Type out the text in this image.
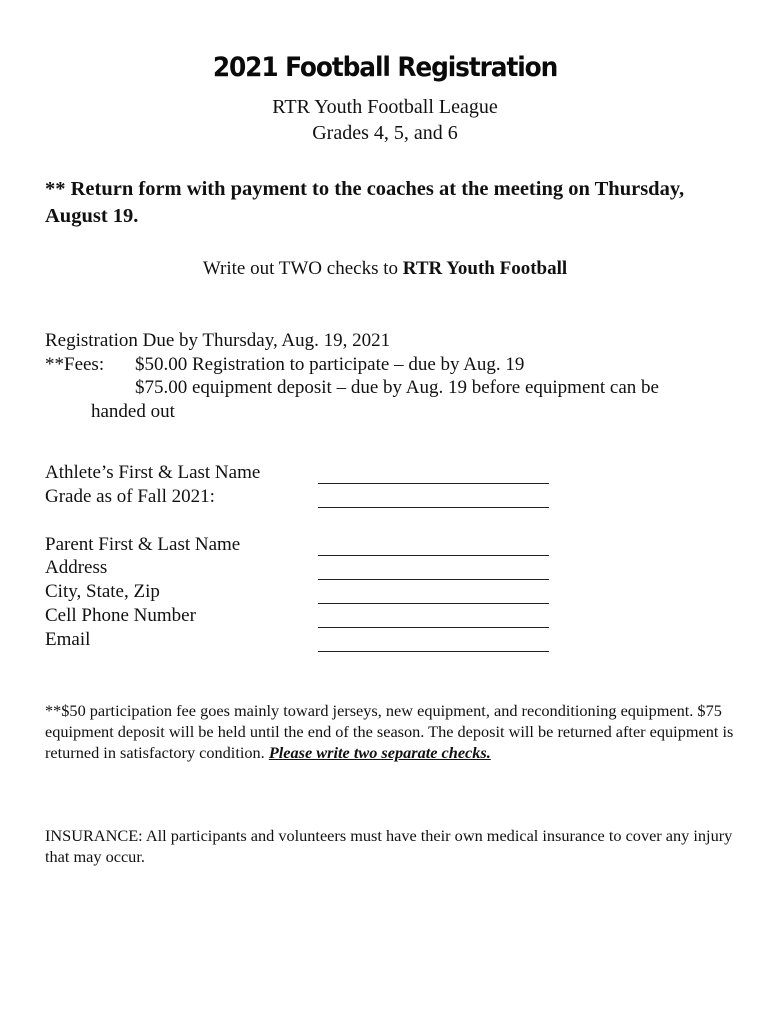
2021 Football Registration
RTR Youth Football League
Grades 4, 5, and 6
** Return form with payment to the coaches at the meeting on Thursday, August 19.
Write out TWO checks to RTR Youth Football
Registration Due by Thursday, Aug. 19, 2021
**Fees: $50.00 Registration to participate – due by Aug. 19
$75.00 equipment deposit – due by Aug. 19 before equipment can be
handed out
Athlete’s First & Last Name
Grade as of Fall 2021:
Parent First & Last Name
Address
City, State, Zip
Cell Phone Number
Email
**$50 participation fee goes mainly toward jerseys, new equipment, and reconditioning equipment. $75 equipment deposit will be held until the end of the season. The deposit will be returned after equipment is returned in satisfactory condition. Please write two separate checks.
INSURANCE: All participants and volunteers must have their own medical insurance to cover any injury that may occur.
